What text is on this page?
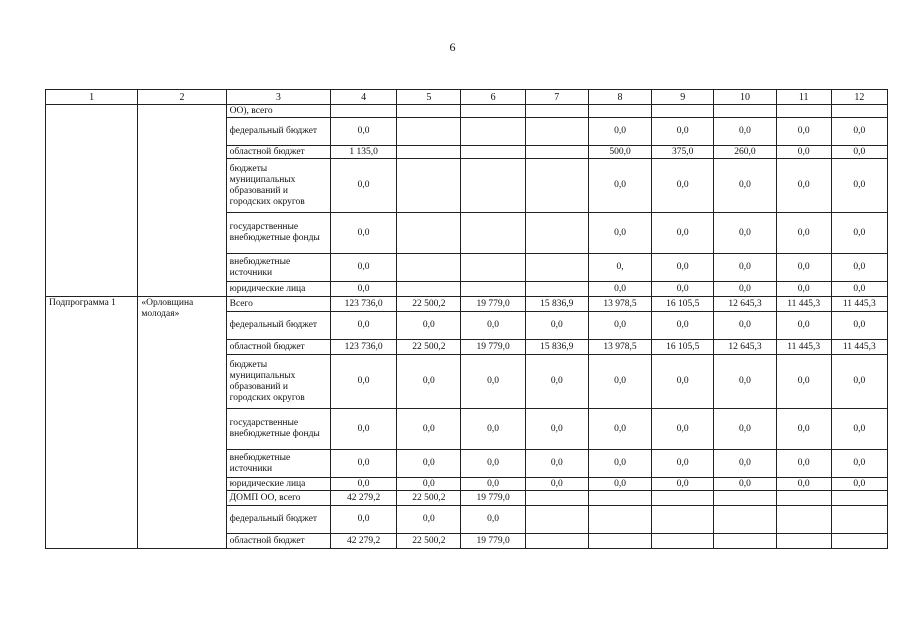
6
1	2	3	4	5	6	7	8	9	10	11	12
		ОО), всего									
		федеральный бюджет	0,0				0,0	0,0	0,0	0,0	0,0
		областной бюджет	1 135,0				500,0	375,0	260,0	0,0	0,0
		бюджеты муниципальных образований и городских округов	0,0				0,0	0,0	0,0	0,0	0,0
		государственные внебюджетные фонды	0,0				0,0	0,0	0,0	0,0	0,0
		внебюджетные источники	0,0				0,	0,0	0,0	0,0	0,0
		юридические лица	0,0				0,0	0,0	0,0	0,0	0,0
Подпрограмма 1	«Орловщина молодая»	Всего	123 736,0	22 500,2	19 779,0	15 836,9	13 978,5	16 105,5	12 645,3	11 445,3	11 445,3
		федеральный бюджет	0,0	0,0	0,0	0,0	0,0	0,0	0,0	0,0	0,0
		областной бюджет	123 736,0	22 500,2	19 779,0	15 836,9	13 978,5	16 105,5	12 645,3	11 445,3	11 445,3
		бюджеты муниципальных образований и городских округов	0,0	0,0	0,0	0,0	0,0	0,0	0,0	0,0	0,0
		государственные внебюджетные фонды	0,0	0,0	0,0	0,0	0,0	0,0	0,0	0,0	0,0
		внебюджетные источники	0,0	0,0	0,0	0,0	0,0	0,0	0,0	0,0	0,0
		юридические лица	0,0	0,0	0,0	0,0	0,0	0,0	0,0	0,0	0,0
		ДОМП ОО, всего	42 279,2	22 500,2	19 779,0						
		федеральный бюджет	0,0	0,0	0,0						
		областной бюджет	42 279,2	22 500,2	19 779,0						
